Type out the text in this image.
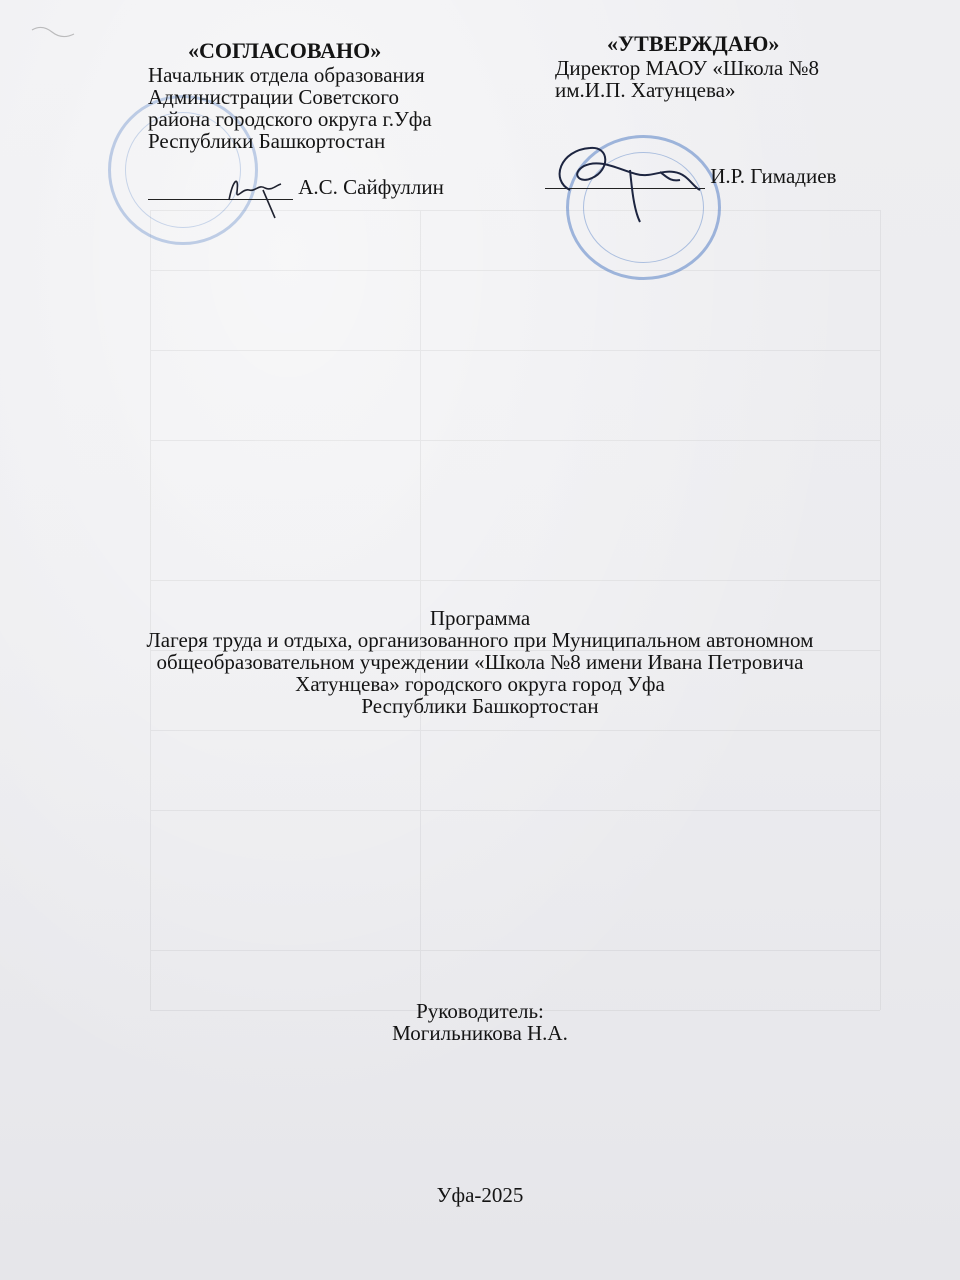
«СОГЛАСОВАНО»
Начальник отдела образования
Администрации Советского
района городского округа г.Уфа
Республики Башкортостан
А.С. Сайфуллин
«УТВЕРЖДАЮ»
Директор МАОУ «Школа №8
им.И.П. Хатунцева»
И.Р. Гимадиев
Программа
Лагеря труда и отдыха, организованного при Муниципальном автономном
общеобразовательном учреждении «Школа №8 имени Ивана Петровича
Хатунцева» городского округа город Уфа
Республики Башкортостан
Руководитель:
Могильникова Н.А.
Уфа-2025
